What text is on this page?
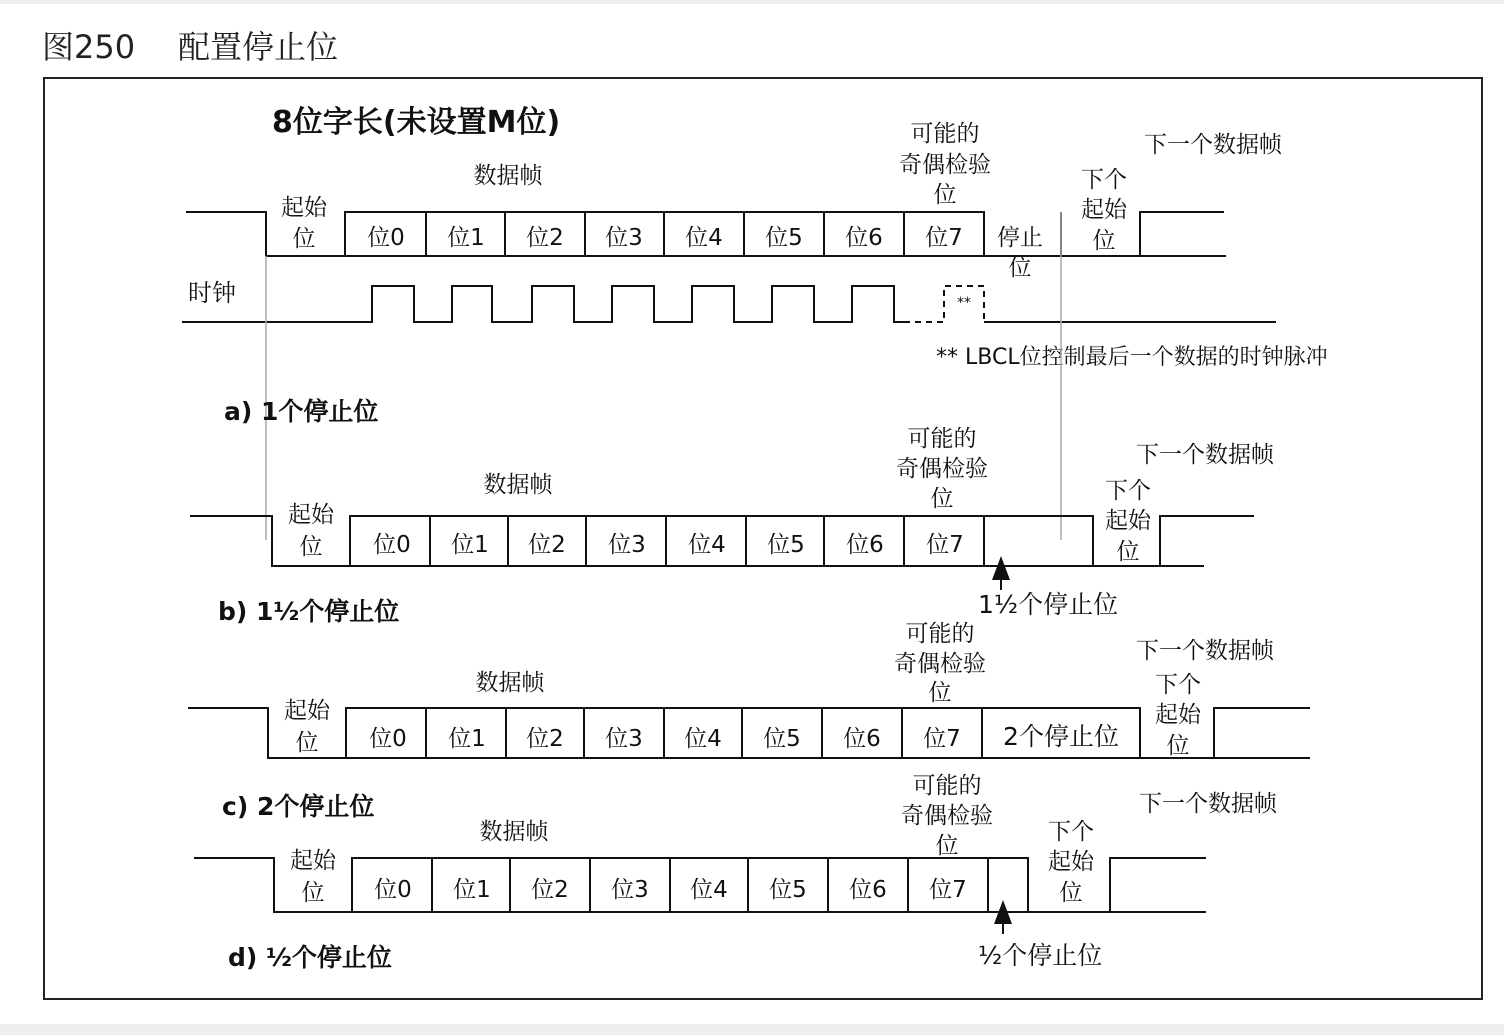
图250 配置停止位
8位字长(未设置M位)
起始
位 位0 位1 位2 位3 位4 位5 位6 位7 停止
位
数据帧
可能的
奇偶检验
位
下一个数据帧
下个
起始
位
时钟	**
** LBCL位控制最后一个数据的时钟脉冲
a) 1个停止位
起始
位 位0 位1 位2 位3 位4 位5 位6 位7
数据帧
可能的
奇偶检验
位
下一个数据帧
下个
起始
位
1½个停止位
b) 1½个停止位
起始
位 位0 位1 位2 位3 位4 位5 位6 位7
数据帧
可能的
奇偶检验
位
下一个数据帧
下个
起始
位
2个停止位
c) 2个停止位
起始
位 位0 位1 位2 位3 位4 位5 位6 位7
数据帧
可能的
奇偶检验
位
下一个数据帧
下个
起始
位
½个停止位
d) ½个停止位
